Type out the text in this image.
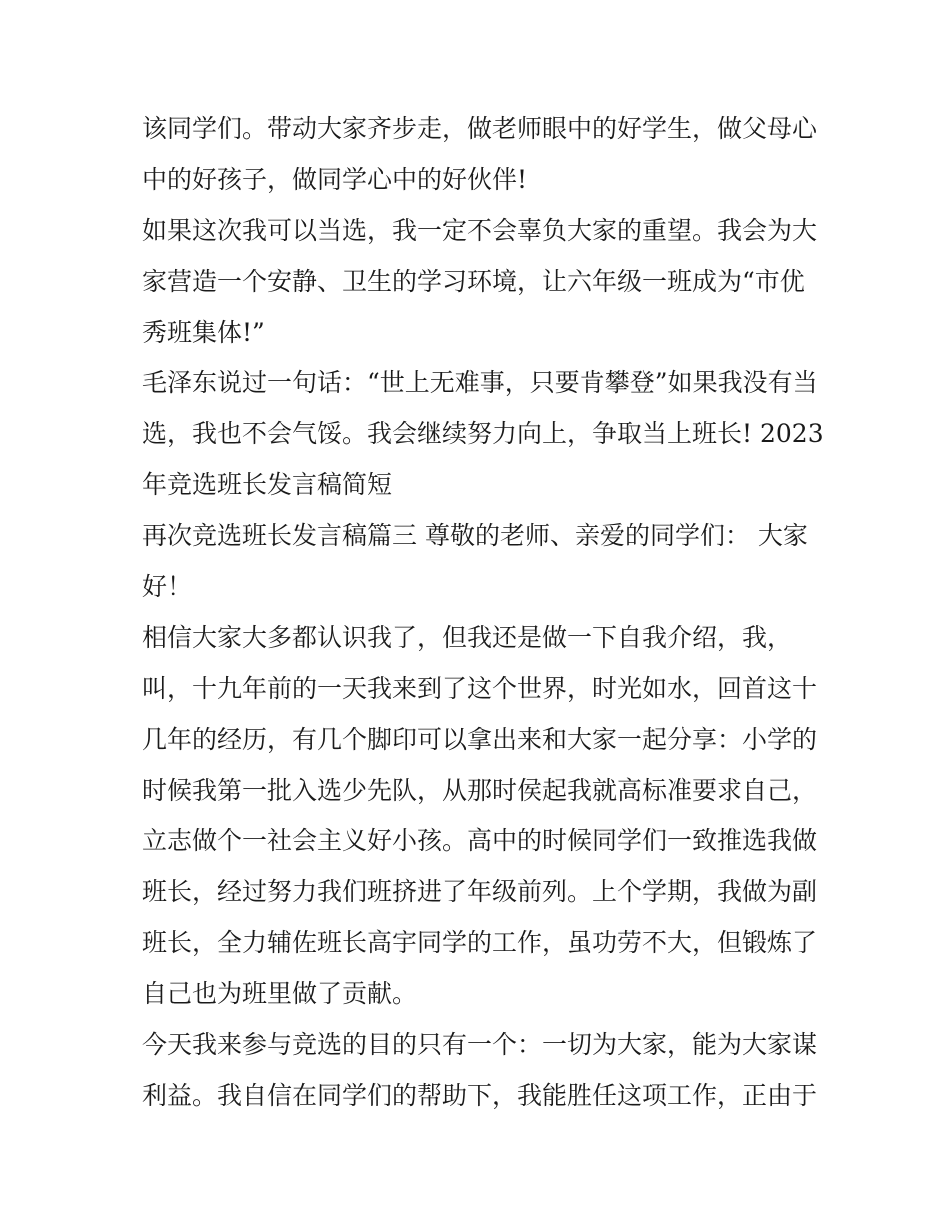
该同学们。带动大家齐步走，做老师眼中的好学生，做父母心
中的好孩子，做同学心中的好伙伴!
如果这次我可以当选，我一定不会辜负大家的重望。我会为大
家营造一个安静、卫生的学习环境，让六年级一班成为“市优
秀班集体!”
毛泽东说过一句话：“世上无难事，只要肯攀登”如果我没有当
选，我也不会气馁。我会继续努力向上，争取当上班长! 2023
年竞选班长发言稿简短
再次竞选班长发言稿篇三 尊敬的老师、亲爱的同学们： 大家
好！
相信大家大多都认识我了，但我还是做一下自我介绍，我，
叫，十九年前的一天我来到了这个世界，时光如水，回首这十
几年的经历，有几个脚印可以拿出来和大家一起分享：小学的
时候我第一批入选少先队，从那时侯起我就高标准要求自己，
立志做个一社会主义好小孩。高中的时候同学们一致推选我做
班长，经过努力我们班挤进了年级前列。上个学期，我做为副
班长，全力辅佐班长高宇同学的工作，虽功劳不大，但锻炼了
自己也为班里做了贡献。
今天我来参与竞选的目的只有一个：一切为大家，能为大家谋
利益。我自信在同学们的帮助下，我能胜任这项工作，正由于
